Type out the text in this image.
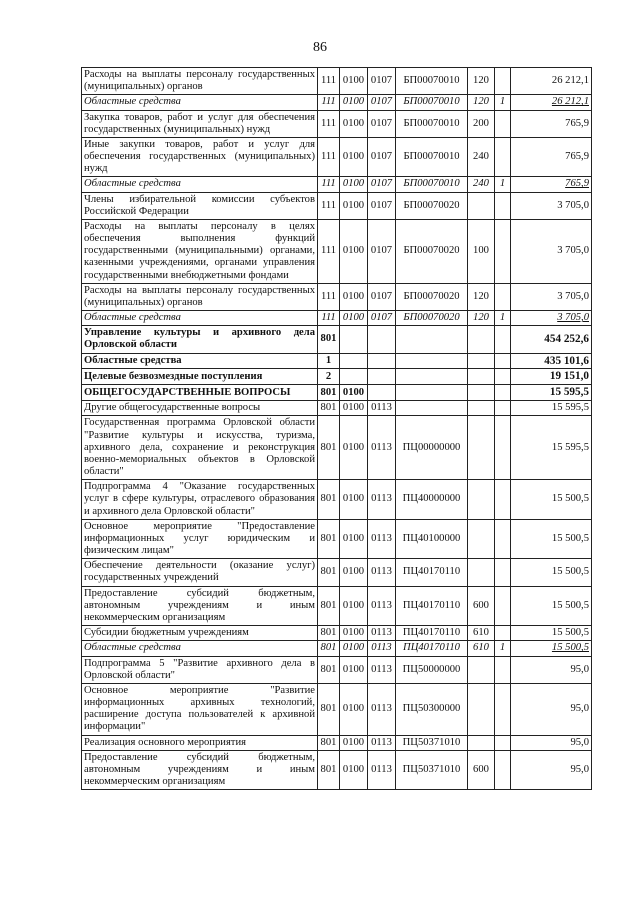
86
Расходы на выплаты персоналу государственных (муниципальных) органов	111	0100	0107	БП00070010	120		26 212,1
Областные средства	111	0100	0107	БП00070010	120	1	26 212,1
Закупка товаров, работ и услуг для обеспечения государственных (муниципальных) нужд	111	0100	0107	БП00070010	200		765,9
Иные закупки товаров, работ и услуг для обеспечения государственных (муниципальных) нужд	111	0100	0107	БП00070010	240		765,9
Областные средства	111	0100	0107	БП00070010	240	1	765,9
Члены избирательной комиссии субъектов Российской Федерации	111	0100	0107	БП00070020			3 705,0
Расходы на выплаты персоналу в целях обеспечения выполнения функций государственными (муниципальными) органами, казенными учреждениями, органами управления государственными внебюджетными фондами	111	0100	0107	БП00070020	100		3 705,0
Расходы на выплаты персоналу государственных (муниципальных) органов	111	0100	0107	БП00070020	120		3 705,0
Областные средства	111	0100	0107	БП00070020	120	1	3 705,0
Управление культуры и архивного дела Орловской области	801						454 252,6
Областные средства	1						435 101,6
Целевые безвозмездные поступления	2						19 151,0
ОБЩЕГОСУДАРСТВЕННЫЕ ВОПРОСЫ	801	0100					15 595,5
Другие общегосударственные вопросы	801	0100	0113				15 595,5
Государственная программа Орловской области "Развитие культуры и искусства, туризма, архивного дела, сохранение и реконструкция военно-мемориальных объектов в Орловской области"	801	0100	0113	ПЦ00000000			15 595,5
Подпрограмма 4 "Оказание государственных услуг в сфере культуры, отраслевого образования и архивного дела Орловской области"	801	0100	0113	ПЦ40000000			15 500,5
Основное мероприятие "Предоставление информационных услуг юридическим и физическим лицам"	801	0100	0113	ПЦ40100000			15 500,5
Обеспечение деятельности (оказание услуг) государственных учреждений	801	0100	0113	ПЦ40170110			15 500,5
Предоставление субсидий бюджетным, автономным учреждениям и иным некоммерческим организациям	801	0100	0113	ПЦ40170110	600		15 500,5
Субсидии бюджетным учреждениям	801	0100	0113	ПЦ40170110	610		15 500,5
Областные средства	801	0100	0113	ПЦ40170110	610	1	15 500,5
Подпрограмма 5 "Развитие архивного дела в Орловской области"	801	0100	0113	ПЦ50000000			95,0
Основное мероприятие "Развитие информационных архивных технологий, расширение доступа пользователей к архивной информации"	801	0100	0113	ПЦ50300000			95,0
Реализация основного мероприятия	801	0100	0113	ПЦ50371010			95,0
Предоставление субсидий бюджетным, автономным учреждениям и иным некоммерческим организациям	801	0100	0113	ПЦ50371010	600		95,0
